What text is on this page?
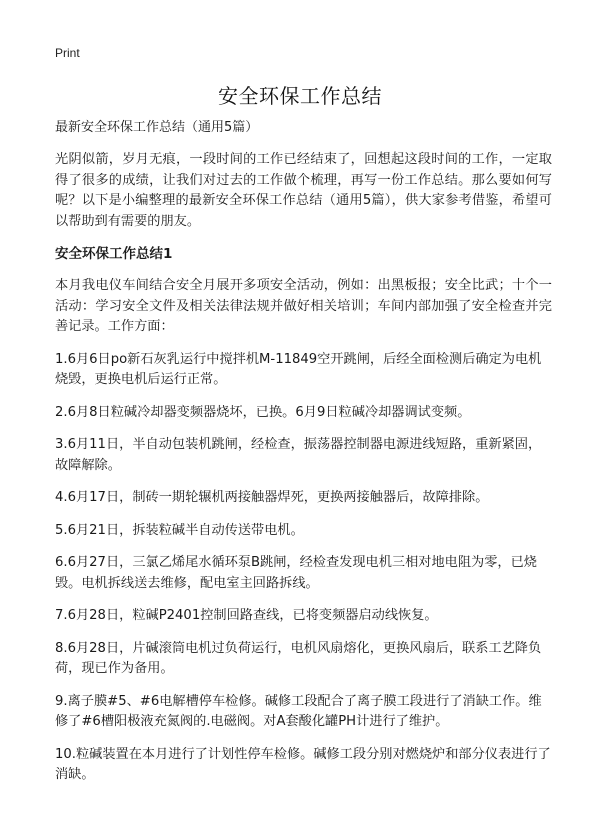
Print
安全环保工作总结

最新安全环保工作总结（通用5篇）

光阴似箭，岁月无痕，一段时间的工作已经结束了，回想起这段时间的工作，一定取得了很多的成绩，让我们对过去的工作做个梳理，再写一份工作总结。那么要如何写呢？以下是小编整理的最新安全环保工作总结（通用5篇），供大家参考借鉴，希望可以帮助到有需要的朋友。

安全环保工作总结1

本月我电仪车间结合安全月展开多项安全活动，例如：出黑板报；安全比武；十个一活动：学习安全文件及相关法律法规并做好相关培训；车间内部加强了安全检查并完善记录。工作方面：

1.6月6日po新石灰乳运行中搅拌机M-11849空开跳闸，后经全面检测后确定为电机烧毁，更换电机后运行正常。

2.6月8日粒碱冷却器变频器烧坏，已换。6月9日粒碱冷却器调试变频。

3.6月11日，半自动包装机跳闸，经检查，振荡器控制器电源进线短路，重新紧固，故障解除。

4.6月17日，制砖一期轮辗机两接触器焊死，更换两接触器后，故障排除。

5.6月21日，拆装粒碱半自动传送带电机。

6.6月27日，三氯乙烯尾水循环泵B跳闸，经检查发现电机三相对地电阻为零，已烧毁。电机拆线送去维修，配电室主回路拆线。

7.6月28日，粒碱P2401控制回路查线，已将变频器启动线恢复。

8.6月28日，片碱滚筒电机过负荷运行，电机风扇熔化，更换风扇后，联系工艺降负荷，现已作为备用。

9.离子膜#5、#6电解槽停车检修。碱修工段配合了离子膜工段进行了消缺工作。维修了#6槽阳极液充氮阀的.电磁阀。对A套酸化罐PH计进行了维护。

10.粒碱装置在本月进行了计划性停车检修。碱修工段分别对燃烧炉和部分仪表进行了消缺。
